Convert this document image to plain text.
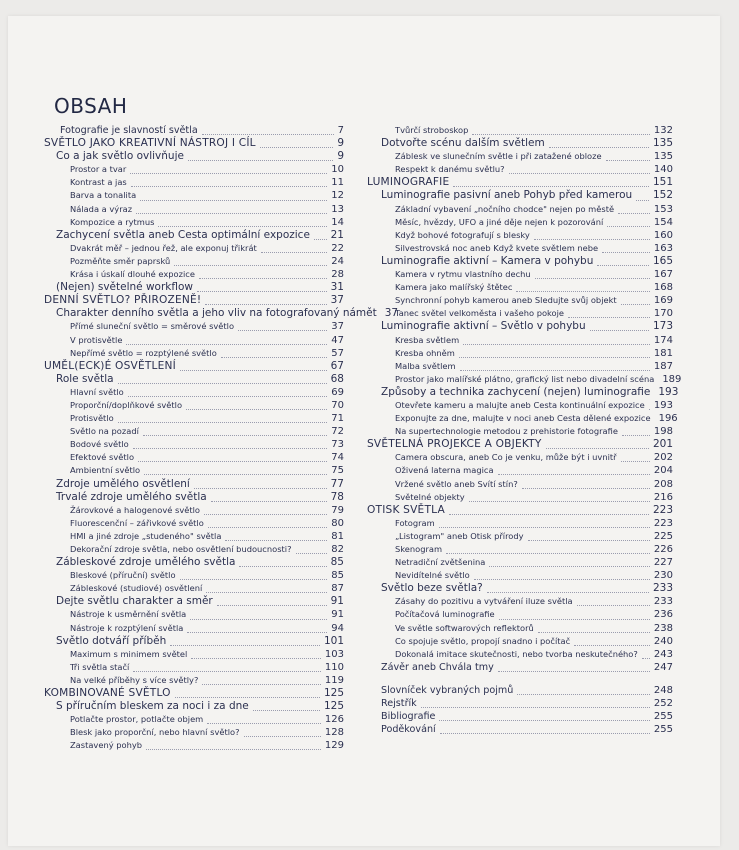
OBSAH
Fotografie je slavností světla	7
SVĚTLO JAKO KREATIVNÍ NÁSTROJ I CÍL	9
Co a jak světlo ovlivňuje	9
Prostor a tvar	10
Kontrast a jas	11
Barva a tonalita	12
Nálada a výraz	13
Kompozice a rytmus	14
Zachycení světla aneb Cesta optimální expozice 21
Dvakrát měř – jednou řež, ale exponuj třikrát	22
Pozměňte směr paprsků	24
Krása i úskalí dlouhé expozice	28
(Nejen) světelné workflow	31
DENNÍ SVĚTLO? PŘIROZENĚ!	37
Charakter denního světla a jeho vliv na fotografovaný námět 37
Přímé sluneční světlo = směrové světlo	37
V protisvětle	47
Nepřímé světlo = rozptýlené světlo	57
UMĚL(ECK)É OSVĚTLENÍ	67
Role světla	68
Hlavní světlo	69
Proporční/doplňkové světlo	70
Protisvětlo	71
Světlo na pozadí	72
Bodové světlo	73
Efektové světlo	74
Ambientní světlo	75
Zdroje umělého osvětlení	77
Trvalé zdroje umělého světla	78
Žárovkové a halogenové světlo	79
Fluorescenční – zářivkové světlo	80
HMI a jiné zdroje „studeného" světla	81
Dekorační zdroje světla, nebo osvětlení budoucnosti?	82
Zábleskové zdroje umělého světla	85
Bleskové (příruční) světlo	85
Zábleskové (studiové) osvětlení	87
Dejte světlu charakter a směr	91
Nástroje k usměrnění světla	91
Nástroje k rozptýlení světla	94
Světlo dotváří příběh	101
Maximum s minimem světel	103
Tři světla stačí	110
Na velké příběhy s více světly?	119
KOMBINOVANÉ SVĚTLO	125
S příručním bleskem za noci i za dne	125
Potlačte prostor, potlačte objem	126
Blesk jako proporční, nebo hlavní světlo?	128
Zastavený pohyb	129
Tvůrčí stroboskop	132
Dotvořte scénu dalším světlem	135
Záblesk ve slunečním světle i při zatažené obloze	135
Respekt k danému světlu?	140
LUMINOGRAFIE	151
Luminografie pasivní aneb Pohyb před kamerou 152
Základní vybavení „nočního chodce" nejen po městě	153
Měsíc, hvězdy, UFO a jiné děje nejen k pozorování	154
Když bohové fotografují s blesky	160
Silvestrovská noc aneb Když kvete světlem nebe	163
Luminografie aktivní – Kamera v pohybu	165
Kamera v rytmu vlastního dechu	167
Kamera jako malířský štětec	168
Synchronní pohyb kamerou aneb Sledujte svůj objekt	169
Tanec světel velkoměsta i vašeho pokoje	170
Luminografie aktivní – Světlo v pohybu	173
Kresba světlem	174
Kresba ohněm	181
Malba světlem	187
Prostor jako malířské plátno, grafický list nebo divadelní scéna 189
Způsoby a technika zachycení (nejen) luminografie 193
Otevřete kameru a malujte aneb Cesta kontinuální expozice 193
Exponujte za dne, malujte v noci aneb Cesta dělené expozice 196
Na supertechnologie metodou z prehistorie fotografie	198
SVĚTELNÁ PROJEKCE A OBJEKTY	201
Camera obscura, aneb Co je venku, může být i uvnitř	202
Oživená laterna magica	204
Vržené světlo aneb Svítí stín?	208
Světelné objekty	216
OTISK SVĚTLA	223
Fotogram	223
„Listogram" aneb Otisk přírody	225
Skenogram	226
Netradiční zvětšenina	227
Nevidítelné světlo	230
Světlo beze světla?	233
Zásahy do pozitivu a vytváření iluze světla	233
Počítačová luminografie	236
Ve světle softwarových reflektorů	238
Co spojuje světlo, propojí snadno i počítač	240
Dokonalá imitace skutečnosti, nebo tvorba neskutečného? 243
Závěr aneb Chvála tmy	247
Slovníček vybraných pojmů	248
Rejstřík	252
Bibliografie	255
Poděkování	255
